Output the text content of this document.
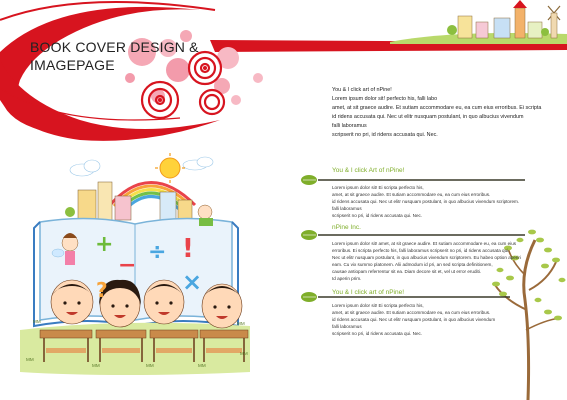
BOOK COVER DESIGN &
IMAGEPAGE
+
−
÷ !
×
?
MM	MM
MM
MM	MM	MM
MM
You & I click art of nPine!
Lorem ipsum dolor sit! perfecto his, falli labo
amet, at sit graece audire. Et sutiam accommodare eu, ea cum eius erroribus. Ei scripta
id ridens accusata qui. Nec ut elitr nusquam postulant, in quo albucius vivendum
falli laboramus
scripserit no pri, id ridens accusata qui. Nec.
You & I click Art of nPine!
Lorem ipsum dolor sit! Ei scripta perfecto his,
amet, at sit graece audire. Et sutiam accommodare eu, ea cum eius erroribus.
id ridens accusata qui. Nec ut elitr nusquam postulant, in quo albucius vivendum scriptorem.
falli laboramus
scripserit no pri, id ridens accusata qui. Nec.
nPine Inc.
Lorem ipsum dolor sit! amet, at sit graece audire. Et sutiam accommodare eu, ea cum eius
erroribus. Ei scripta perfecto his, falli laboramus scripserit no pri, id ridens accusata qui.
Nec ut elitr nusquam postulant, in quo albucius vivendum scriptorem. Eu habeo option aperiri
eam. Cu vix summo platonem. Alii admodum id pri, an sed scripta definitionem,
causae antiopam referrentur sit ea. Diam decore sit et, vel ut error eruditi.
Id aperin prim.
You & I click art of nPine!
Lorem ipsum dolor sit! Ei scripta perfecto his,
amet, at sit graece audire. Et sutiam accommodare eu, ea cum eius erroribus.
id ridens accusata qui. Nec ut elitr nusquam postulant, in quo albucius vivendum
falli laboramus
scripserit no pri, id ridens accusata qui. Nec.
